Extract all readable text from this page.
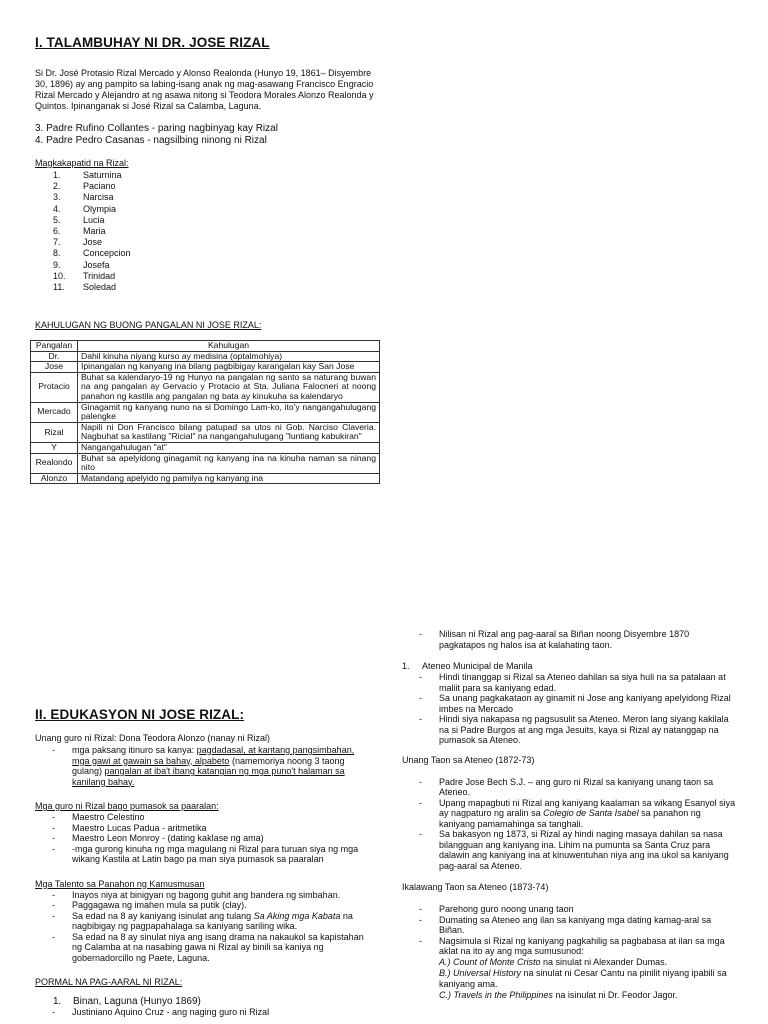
I. TALAMBUHAY NI DR. JOSE RIZAL
Si Dr. José Protasio Rizal Mercado y Alonso Realonda (Hunyo 19, 1861– Disyembre 30, 1896) ay ang pampito sa labing-isang anak ng mag-asawang Francisco Engracio Rizal Mercado y Alejandro at ng asawa nitong si Teodora Morales Alonzo Realonda y Quintos. Ipinanganak si José Rizal sa Calamba, Laguna.
3. Padre Rufino Collantes - paring nagbinyag kay Rizal
4. Padre Pedro Casanas - nagsilbing ninong ni Rizal
Magkakapatid na Rizal:
1.	Saturnina
2.	Paciano
3.	Narcisa
4.	Olympia
5.	Lucia
6.	Maria
7.	Jose
8.	Concepcion
9.	Josefa
10.	Trinidad
11.	Soledad
KAHULUGAN NG BUONG PANGALAN NI JOSE RIZAL:
Pangalan	Kahulugan
Dr.	Dahil kinuha niyang kurso ay medisina (optalmohiya)
Jose	Ipinangalan ng kanyang ina bilang pagbibigay karangalan kay San Jose
Protacio	Buhat sa kalendaryo-19 ng Hunyo na pangalan ng santo sa naturang buwan na ang pangalan ay Gervacio y Protacio at Sta. Juliana Falocneri at noong panahon ng kastila ang pangalan ng bata ay kinukuha sa kalendaryo
Mercado	Ginagamit ng kanyang nuno na si Domingo Lam-ko, ito'y nangangahulugang palengke
Rizal	Napili ni Don Francisco bilang patupad sa utos ni Gob. Narciso Claveria. Nagbuhat sa kastilang "Ricial" na nangangahulugang "luntiang kabukiran"
Y	Nangangahulugan "at"
Realondo	Buhat sa apelyidong ginagamit ng kanyang ina na kinuha naman sa ninang nito
Alonzo	Matandang apelyido ng pamilya ng kanyang ina
II. EDUKASYON NI JOSE RIZAL:
Unang guro ni Rizal: Dona Teodora Alonzo (nanay ni Rizal)
- mga paksang itinuro sa kanya: pagdadasal, at kantang pangsimbahan, mga gawi at gawain sa bahay, alpabeto (namemoriya noong 3 taong gulang) pangalan at iba't ibang katangian ng mga puno't halaman sa kanilang bahay.
Mga guro ni Rizal bago pumasok sa paaralan:
- Maestro Celestino
- Maestro Lucas Padua - aritmetika
- Maestro Leon Monroy - (dating kaklase ng ama)
- -mga gurong kinuha ng mga magulang ni Rizal para turuan siya ng mga wikang Kastila at Latin bago pa man siya pumasok sa paaralan
Mga Talento sa Panahon ng Kamusmusan
- Inayos niya at binigyan ng bagong guhit ang bandera ng simbahan.
- Paggagawa ng imahen mula sa putik (clay).
- Sa edad na 8 ay kaniyang isinulat ang tulang Sa Aking mga Kabata na nagbibigay ng pagpapahalaga sa kaniyang sariling wika.
- Sa edad na 8 ay sinulat niya ang isang drama na nakaukol sa kapistahan ng Calamba at na nasabing gawa ni Rizal ay binili sa kaniya ng gobernadorcillo ng Paete, Laguna.
PORMAL NA PAG-AARAL NI RIZAL:
1.	Binan, Laguna (Hunyo 1869)
- Justiniano Aquino Cruz - ang naging guro ni Rizal
- Nilisan ni Rizal ang pag-aaral sa Biñan noong Disyembre 1870 pagkatapos ng halos isa at kalahating taon.
1.	Ateneo Municipal de Manila
- Hindi tinanggap si Rizal sa Ateneo dahilan sa siya huli na sa patalaan at maliit para sa kaniyang edad.
- Sa unang pagkakataon ay ginamit ni Jose ang kaniyang apelyidong Rizal imbes na Mercado
- Hindi siya nakapasa ng pagsusulit sa Ateneo. Meron lang siyang kakilala na si Padre Burgos at ang mga Jesuits, kaya si Rizal ay natanggap na pumasok sa Ateneo.
Unang Taon sa Ateneo (1872-73)
- Padre Jose Bech S.J. – ang guro ni Rizal sa kaniyang unang taon sa Ateneo.
- Upang mapagbuti ni Rizal ang kaniyang kaalaman sa wikang Esanyol siya ay nagpaturo ng aralin sa Colegio de Santa Isabel sa panahon ng kaniyang pamamahinga sa tanghali.
- Sa bakasyon ng 1873, si Rizal ay hindi naging masaya dahilan sa nasa bilangguan ang kaniyang ina. Lihim na pumunta sa Santa Cruz para dalawin ang kaniyang ina at kinuwentuhan niya ang ina ukol sa kaniyang pag-aaral sa Ateneo.
Ikalawang Taon sa Ateneo (1873-74)
- Parehong guro noong unang taon
- Dumating sa Ateneo ang ilan sa kaniyang mga dating kamag-aral sa Biñan.
- Nagsimula si Rizal ng kaniyang pagkahilig sa pagbabasa at ilan sa mga aklat na ito ay ang mga sumusunod:
A.) Count of Monte Cristo na sinulat ni Alexander Dumas.
B.) Universal History na sinulat ni Cesar Cantu na pinilit niyang ipabili sa kaniyang ama.
C.) Travels in the Philippines na isinulat ni Dr. Feodor Jagor.
